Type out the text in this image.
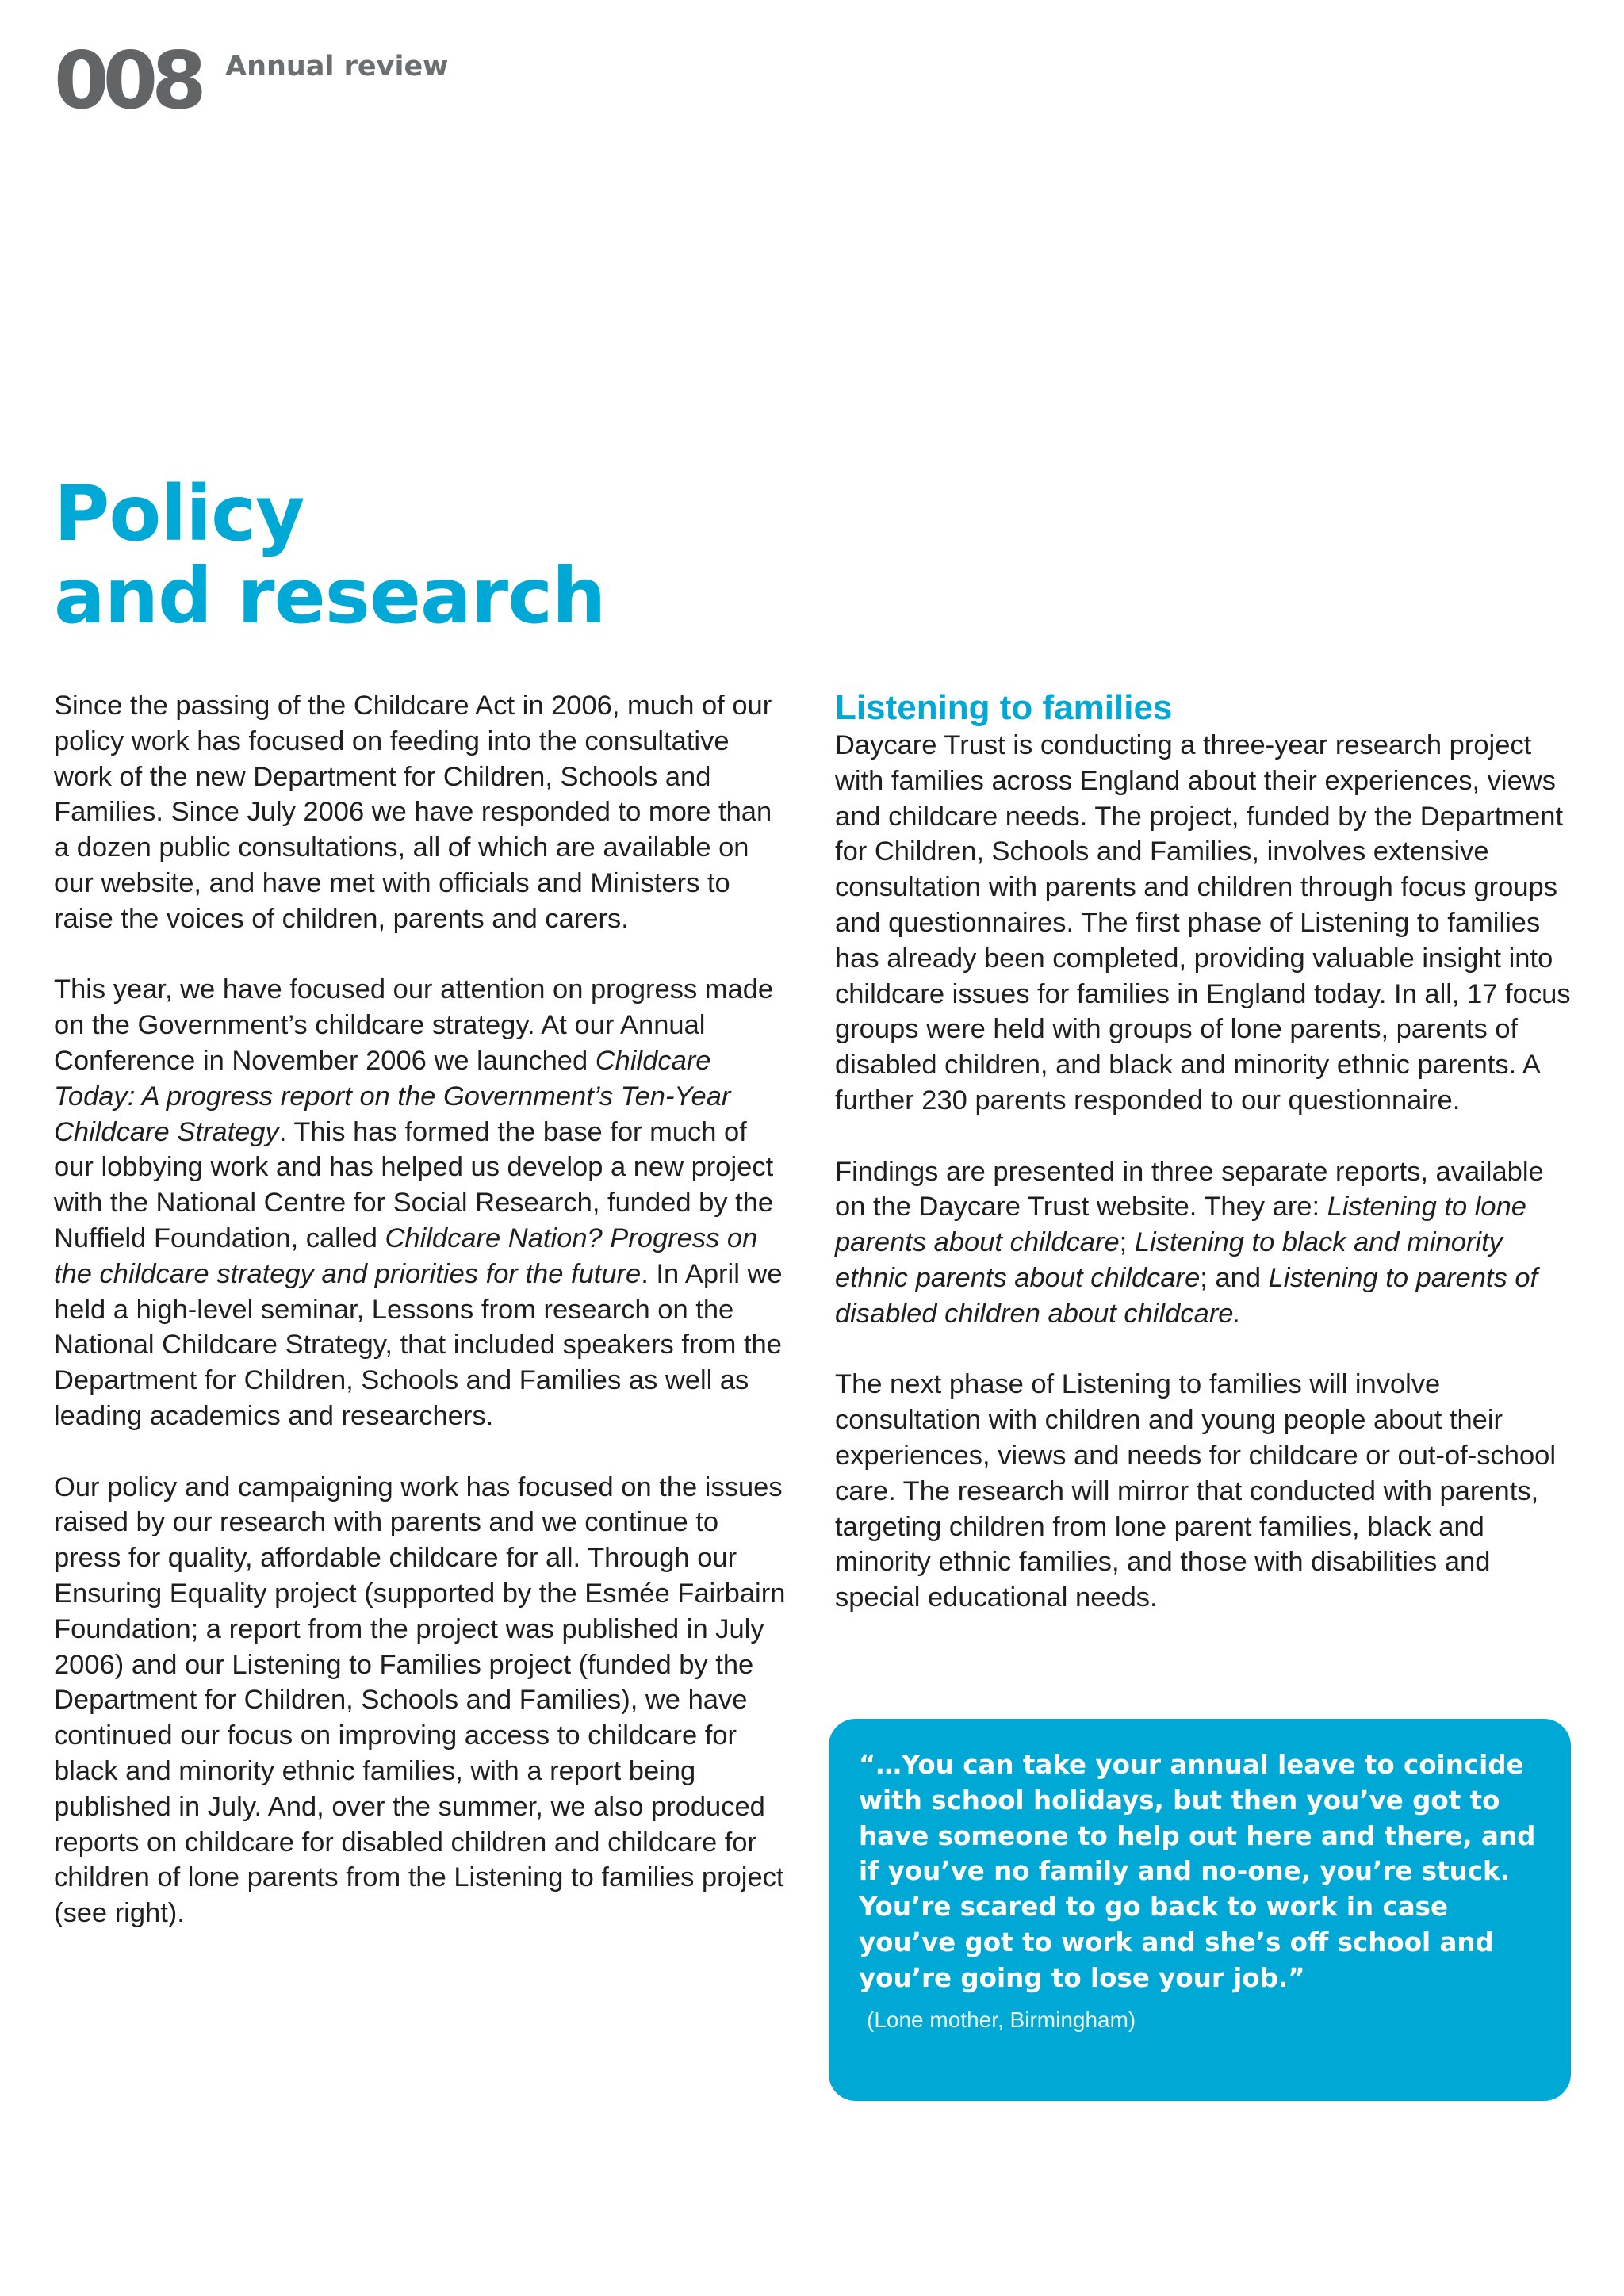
008 Annual review
Policy
and research

Since the passing of the Childcare Act in 2006, much of our policy work has focused on feeding into the consultative work of the new Department for Children, Schools and Families. Since July 2006 we have responded to more than a dozen public consultations, all of which are available on our website, and have met with officials and Ministers to raise the voices of children, parents and carers.

This year, we have focused our attention on progress made on the Government’s childcare strategy. At our Annual Conference in November 2006 we launched Childcare Today: A progress report on the Government’s Ten-Year Childcare Strategy. This has formed the base for much of our lobbying work and has helped us develop a new project with the National Centre for Social Research, funded by the Nuffield Foundation, called Childcare Nation? Progress on the childcare strategy and priorities for the future. In April we held a high-level seminar, Lessons from research on the National Childcare Strategy, that included speakers from the Department for Children, Schools and Families as well as leading academics and researchers.

Our policy and campaigning work has focused on the issues raised by our research with parents and we continue to press for quality, affordable childcare for all. Through our Ensuring Equality project (supported by the Esmée Fairbairn Foundation; a report from the project was published in July 2006) and our Listening to Families project (funded by the Department for Children, Schools and Families), we have continued our focus on improving access to childcare for black and minority ethnic families, with a report being published in July. And, over the summer, we also produced reports on childcare for disabled children and childcare for children of lone parents from the Listening to families project (see right).

Listening to families

Daycare Trust is conducting a three-year research project with families across England about their experiences, views and childcare needs. The project, funded by the Department for Children, Schools and Families, involves extensive consultation with parents and children through focus groups and questionnaires. The first phase of Listening to families has already been completed, providing valuable insight into childcare issues for families in England today. In all, 17 focus groups were held with groups of lone parents, parents of disabled children, and black and minority ethnic parents. A further 230 parents responded to our questionnaire.

Findings are presented in three separate reports, available on the Daycare Trust website. They are: Listening to lone parents about childcare; Listening to black and minority ethnic parents about childcare; and Listening to parents of disabled children about childcare.

The next phase of Listening to families will involve consultation with children and young people about their experiences, views and needs for childcare or out-of-school care. The research will mirror that conducted with parents, targeting children from lone parent families, black and minority ethnic families, and those with disabilities and special educational needs.

“…You can take your annual leave to coincide with school holidays, but then you’ve got to have someone to help out here and there, and if you’ve no family and no-one, you’re stuck. You’re scared to go back to work in case you’ve got to work and she’s off school and you’re going to lose your job.”

(Lone mother, Birmingham)
